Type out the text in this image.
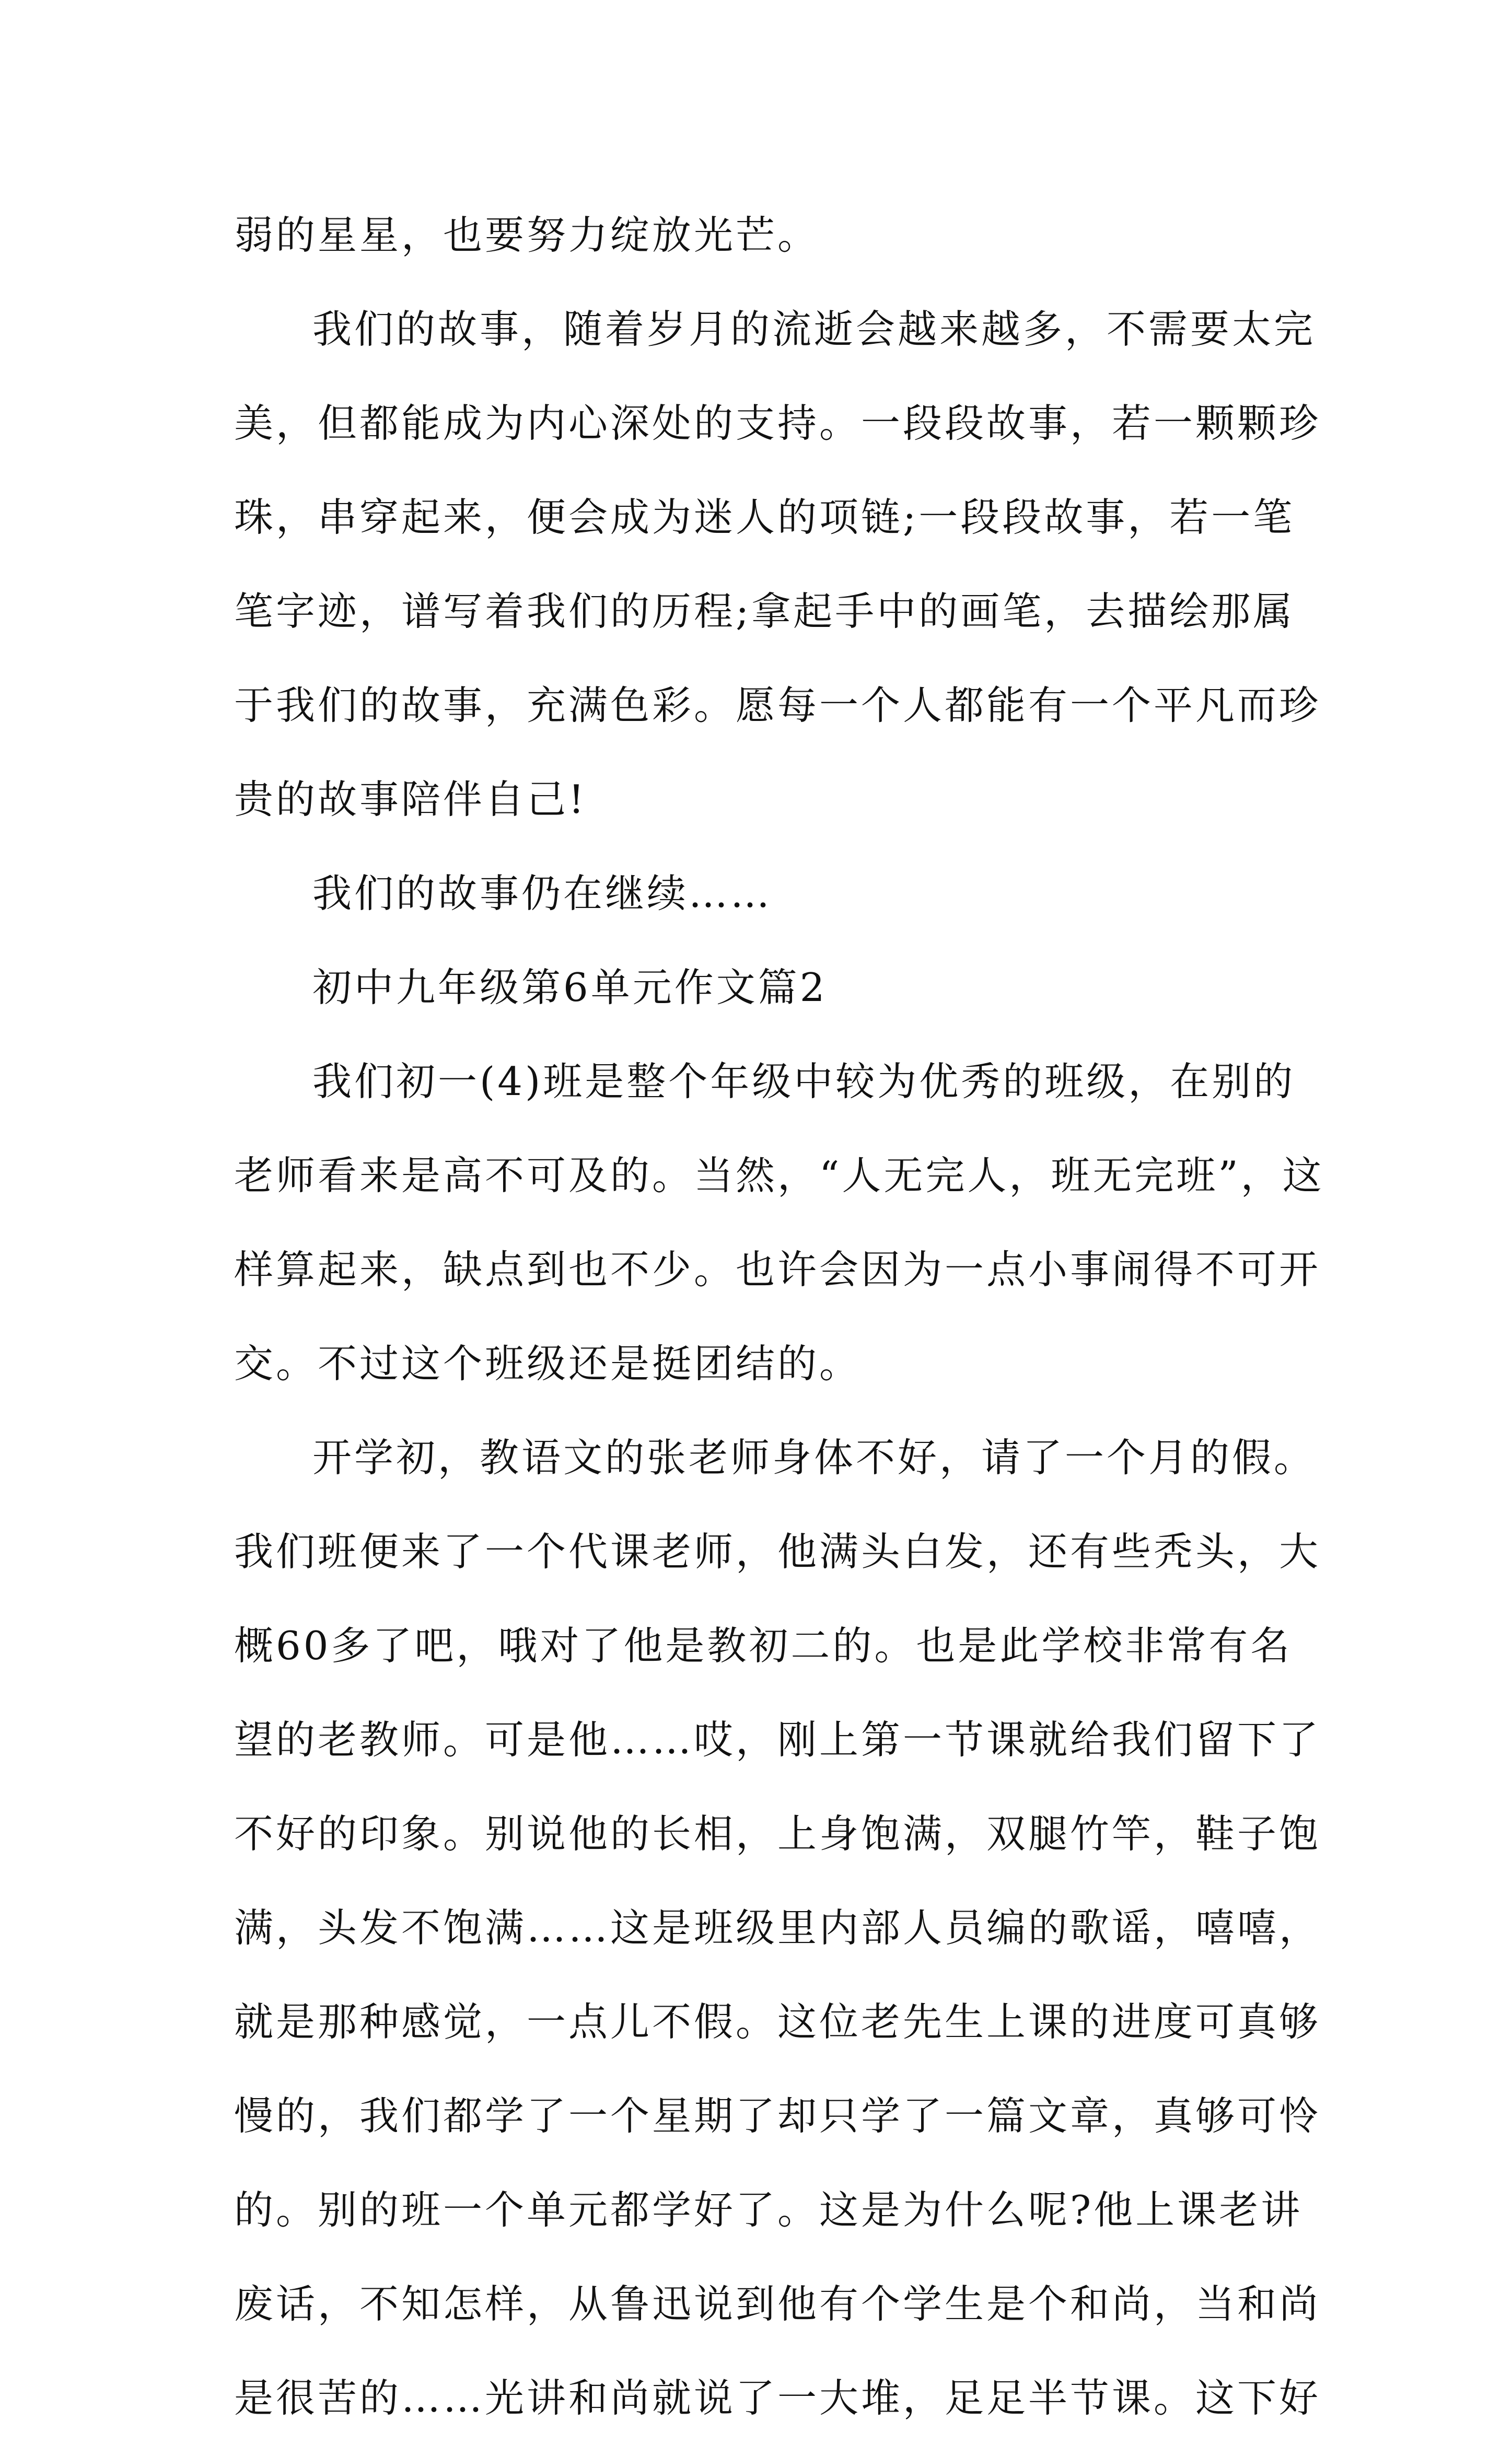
弱的星星，也要努力绽放光芒。
我们的故事，随着岁月的流逝会越来越多，不需要太完
美，但都能成为内心深处的支持。一段段故事，若一颗颗珍
珠，串穿起来，便会成为迷人的项链;一段段故事，若一笔
笔字迹，谱写着我们的历程;拿起手中的画笔，去描绘那属
于我们的故事，充满色彩。愿每一个人都能有一个平凡而珍
贵的故事陪伴自己!
我们的故事仍在继续……
初中九年级第6单元作文篇2
我们初一(4)班是整个年级中较为优秀的班级，在别的
老师看来是高不可及的。当然，“人无完人，班无完班”，这
样算起来，缺点到也不少。也许会因为一点小事闹得不可开
交。不过这个班级还是挺团结的。
开学初，教语文的张老师身体不好，请了一个月的假。
我们班便来了一个代课老师，他满头白发，还有些秃头，大
概60多了吧，哦对了他是教初二的。也是此学校非常有名
望的老教师。可是他……哎，刚上第一节课就给我们留下了
不好的印象。别说他的长相，上身饱满，双腿竹竿，鞋子饱
满，头发不饱满……这是班级里内部人员编的歌谣，嘻嘻，
就是那种感觉，一点儿不假。这位老先生上课的进度可真够
慢的，我们都学了一个星期了却只学了一篇文章，真够可怜
的。别的班一个单元都学好了。这是为什么呢?他上课老讲
废话，不知怎样，从鲁迅说到他有个学生是个和尚，当和尚
是很苦的……光讲和尚就说了一大堆，足足半节课。这下好
